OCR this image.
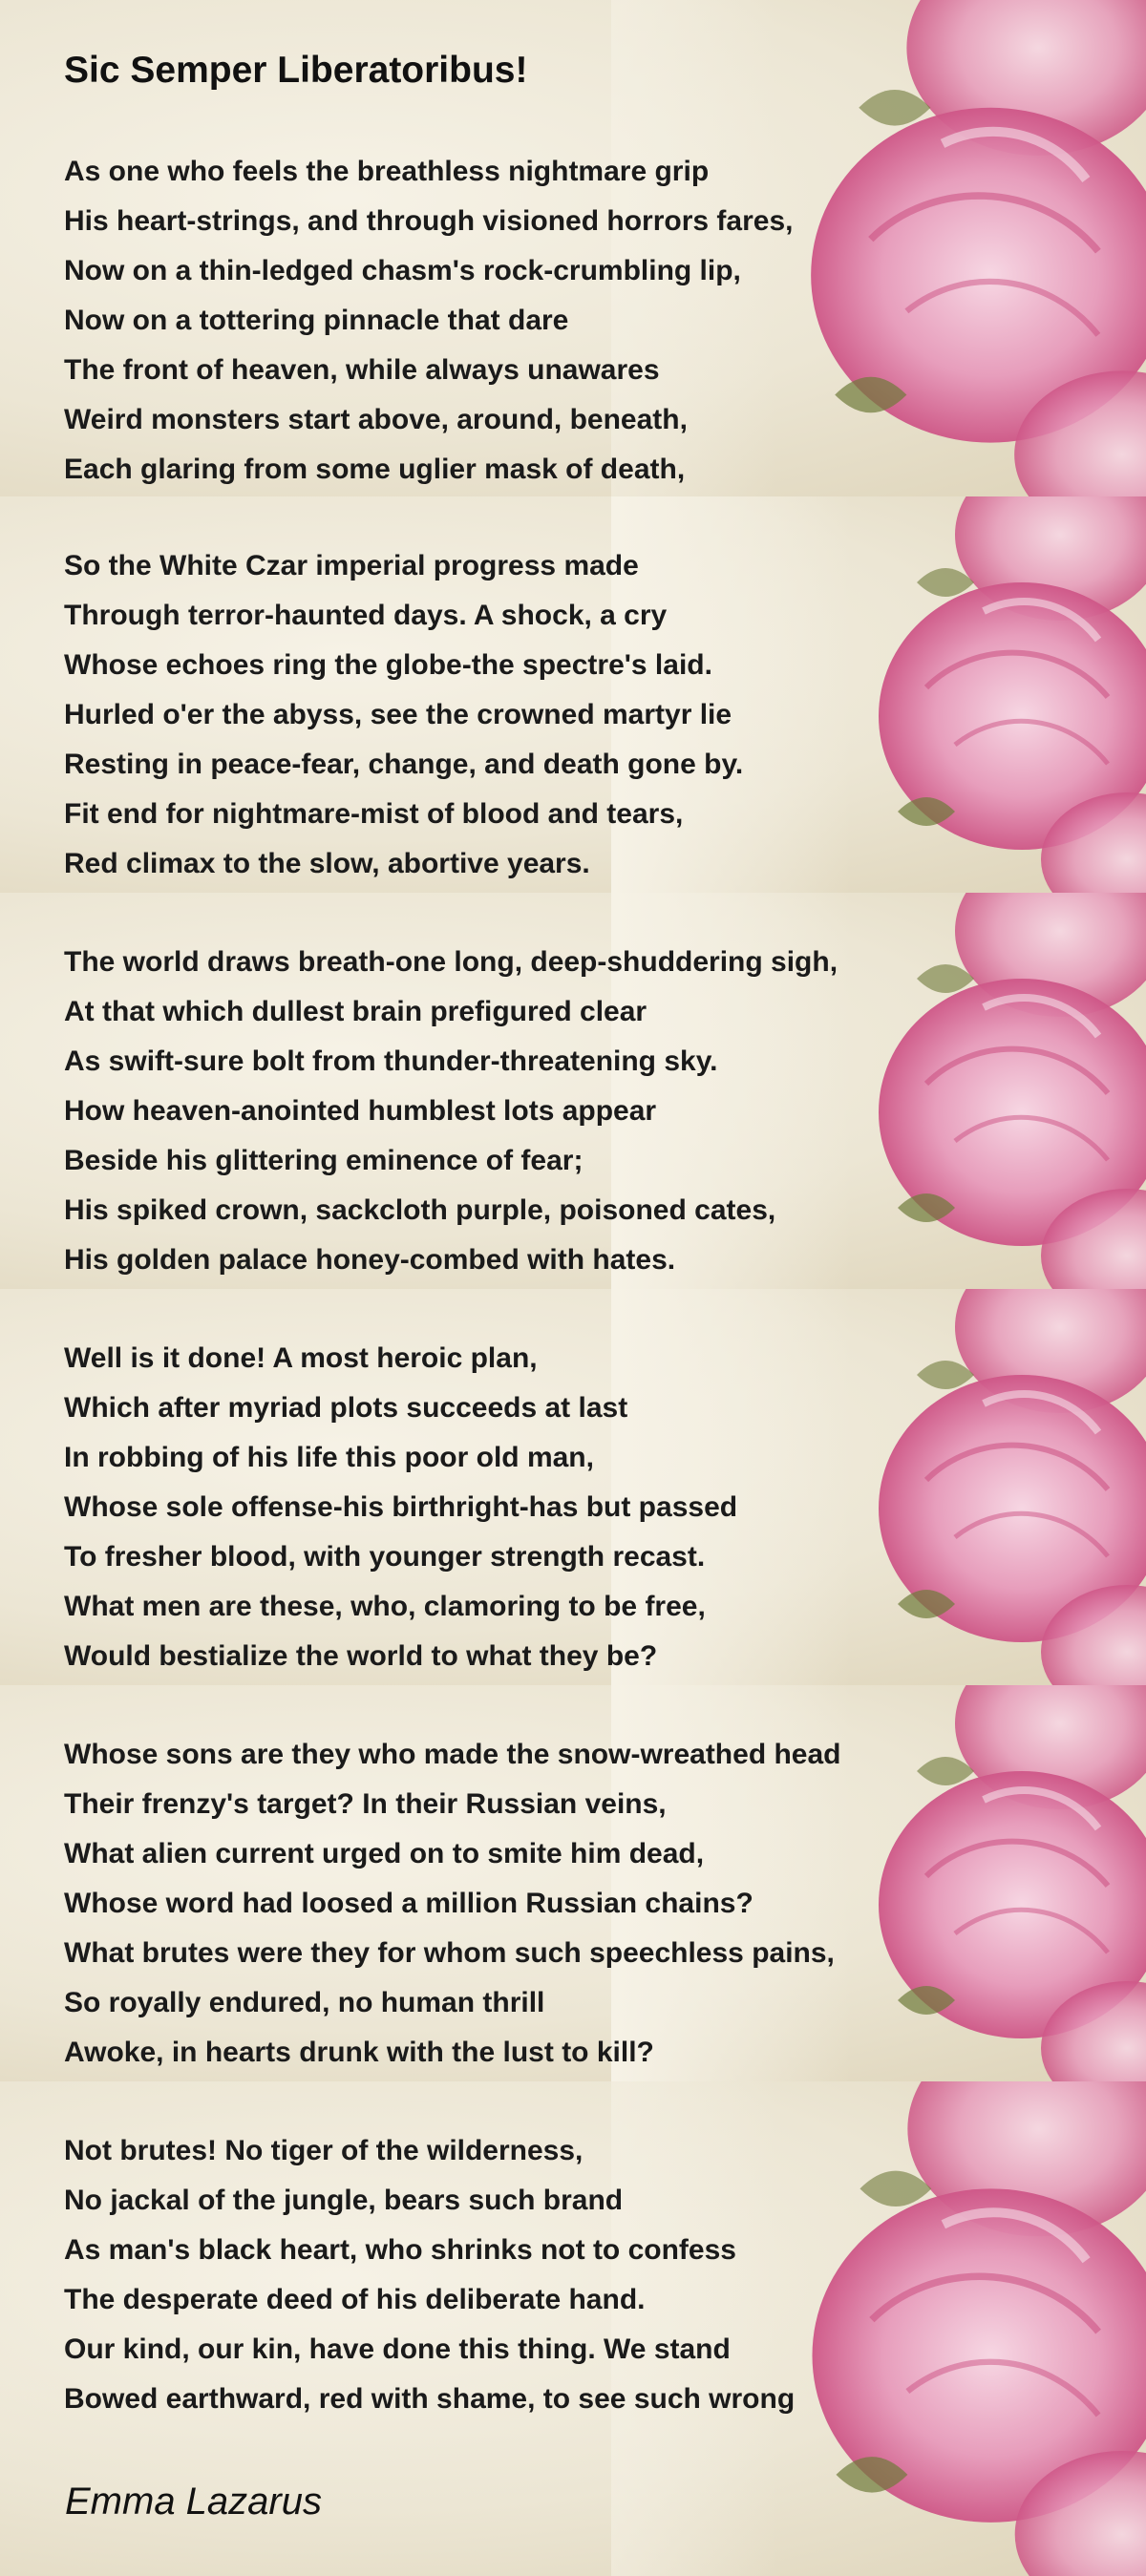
Sic Semper Liberatoribus!
As one who feels the breathless nightmare grip
His heart-strings, and through visioned horrors fares,
Now on a thin-ledged chasm's rock-crumbling lip,
Now on a tottering pinnacle that dare
The front of heaven, while always unawares
Weird monsters start above, around, beneath,
Each glaring from some uglier mask of death,
So the White Czar imperial progress made
Through terror-haunted days. A shock, a cry
Whose echoes ring the globe-the spectre's laid.
Hurled o'er the abyss, see the crowned martyr lie
Resting in peace-fear, change, and death gone by.
Fit end for nightmare-mist of blood and tears,
Red climax to the slow, abortive years.
The world draws breath-one long, deep-shuddering sigh,
At that which dullest brain prefigured clear
As swift-sure bolt from thunder-threatening sky.
How heaven-anointed humblest lots appear
Beside his glittering eminence of fear;
His spiked crown, sackcloth purple, poisoned cates,
His golden palace honey-combed with hates.
Well is it done! A most heroic plan,
Which after myriad plots succeeds at last
In robbing of his life this poor old man,
Whose sole offense-his birthright-has but passed
To fresher blood, with younger strength recast.
What men are these, who, clamoring to be free,
Would bestialize the world to what they be?
Whose sons are they who made the snow-wreathed head
Their frenzy's target? In their Russian veins,
What alien current urged on to smite him dead,
Whose word had loosed a million Russian chains?
What brutes were they for whom such speechless pains,
So royally endured, no human thrill
Awoke, in hearts drunk with the lust to kill?
Not brutes! No tiger of the wilderness,
No jackal of the jungle, bears such brand
As man's black heart, who shrinks not to confess
The desperate deed of his deliberate hand.
Our kind, our kin, have done this thing. We stand
Bowed earthward, red with shame, to see such wrong
Emma Lazarus
